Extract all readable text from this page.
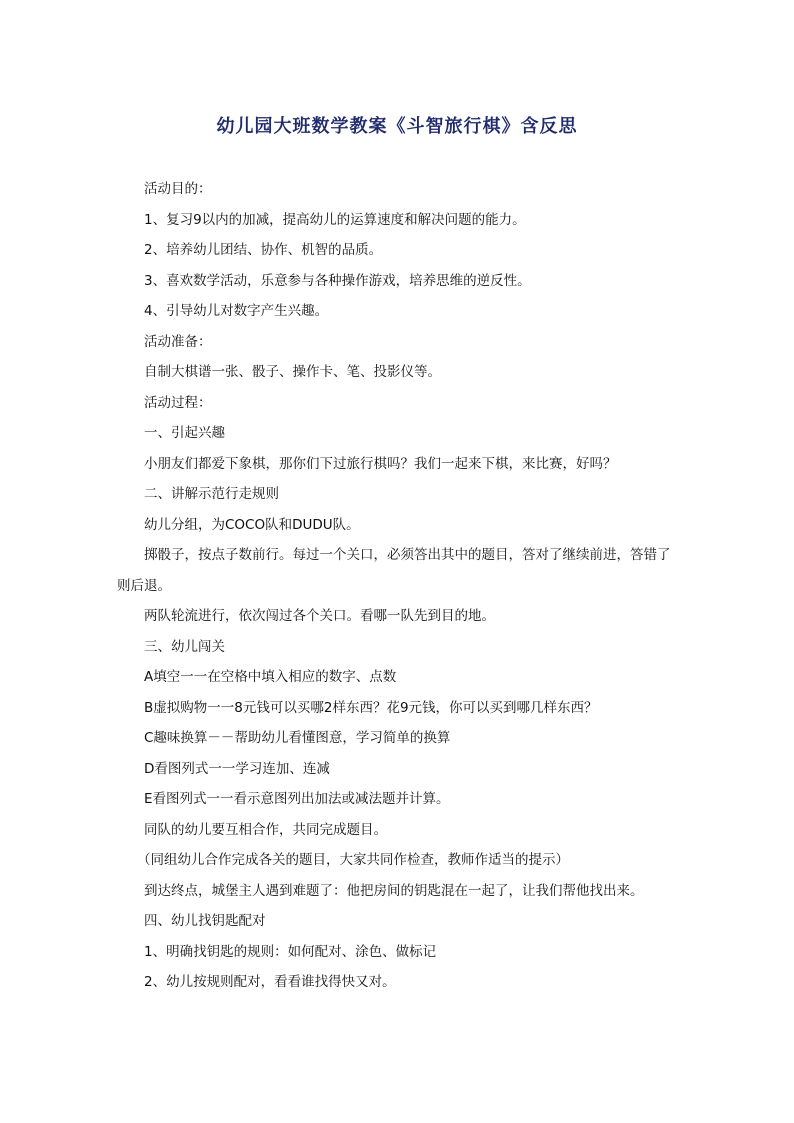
幼儿园大班数学教案《斗智旅行棋》含反思

活动目的：

1、复习9以内的加减，提高幼儿的运算速度和解决问题的能力。

2、培养幼儿团结、协作、机智的品质。

3、喜欢数学活动，乐意参与各种操作游戏，培养思维的逆反性。

4、引导幼儿对数字产生兴趣。

活动准备：

自制大棋谱一张、骰子、操作卡、笔、投影仪等。

活动过程：

一、引起兴趣

小朋友们都爱下象棋，那你们下过旅行棋吗？我们一起来下棋，来比赛，好吗？

二、讲解示范行走规则

幼儿分组，为COCO队和DUDU队。

掷骰子，按点子数前行。每过一个关口，必须答出其中的题目，答对了继续前进，答错了则后退。

两队轮流进行，依次闯过各个关口。看哪一队先到目的地。

三、幼儿闯关

A填空一一在空格中填入相应的数字、点数

B虚拟购物一一8元钱可以买哪2样东西？花9元钱，你可以买到哪几样东西？

C趣味换算－－帮助幼儿看懂图意，学习简单的换算

D看图列式一一学习连加、连减

E看图列式一一看示意图列出加法或减法题并计算。

同队的幼儿要互相合作，共同完成题目。

（同组幼儿合作完成各关的题目，大家共同作检查，教师作适当的提示）

到达终点，城堡主人遇到难题了：他把房间的钥匙混在一起了，让我们帮他找出来。

四、幼儿找钥匙配对

1、明确找钥匙的规则：如何配对、涂色、做标记

2、幼儿按规则配对，看看谁找得快又对。
